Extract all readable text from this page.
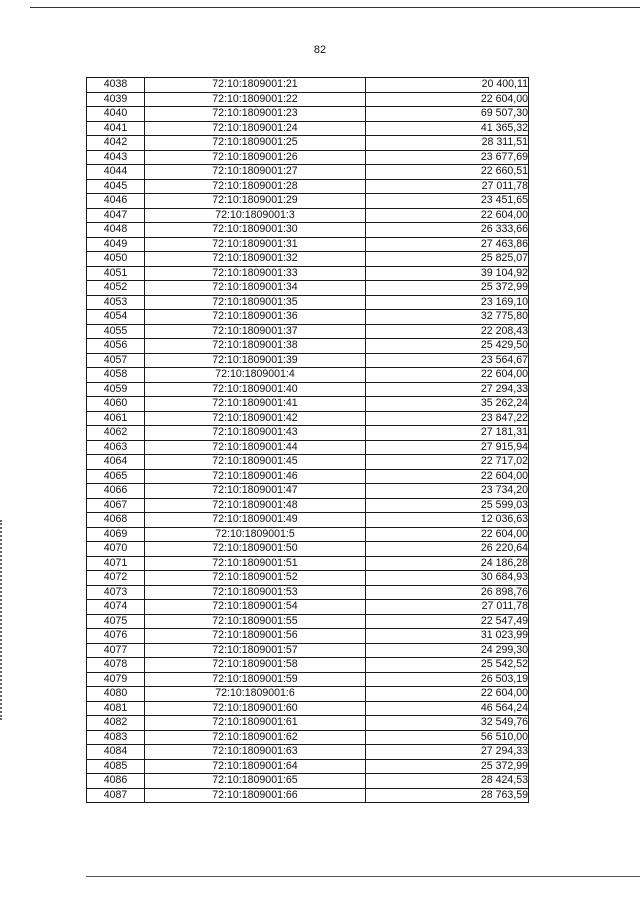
82
4038	72:10:1809001:21	20 400,11
4039	72:10:1809001:22	22 604,00
4040	72:10:1809001:23	69 507,30
4041	72:10:1809001:24	41 365,32
4042	72:10:1809001:25	28 311,51
4043	72:10:1809001:26	23 677,69
4044	72:10:1809001:27	22 660,51
4045	72:10:1809001:28	27 011,78
4046	72:10:1809001:29	23 451,65
4047	72:10:1809001:3	22 604,00
4048	72:10:1809001:30	26 333,66
4049	72:10:1809001:31	27 463,86
4050	72:10:1809001:32	25 825,07
4051	72:10:1809001:33	39 104,92
4052	72:10:1809001:34	25 372,99
4053	72:10:1809001:35	23 169,10
4054	72:10:1809001:36	32 775,80
4055	72:10:1809001:37	22 208,43
4056	72:10:1809001:38	25 429,50
4057	72:10:1809001:39	23 564,67
4058	72:10:1809001:4	22 604,00
4059	72:10:1809001:40	27 294,33
4060	72:10:1809001:41	35 262,24
4061	72:10:1809001:42	23 847,22
4062	72:10:1809001:43	27 181,31
4063	72:10:1809001:44	27 915,94
4064	72:10:1809001:45	22 717,02
4065	72:10:1809001:46	22 604,00
4066	72:10:1809001:47	23 734,20
4067	72:10:1809001:48	25 599,03
4068	72:10:1809001:49	12 036,63
4069	72:10:1809001:5	22 604,00
4070	72:10:1809001:50	26 220,64
4071	72:10:1809001:51	24 186,28
4072	72:10:1809001:52	30 684,93
4073	72:10:1809001:53	26 898,76
4074	72:10:1809001:54	27 011,78
4075	72:10:1809001:55	22 547,49
4076	72:10:1809001:56	31 023,99
4077	72:10:1809001:57	24 299,30
4078	72:10:1809001:58	25 542,52
4079	72:10:1809001:59	26 503,19
4080	72:10:1809001:6	22 604,00
4081	72:10:1809001:60	46 564,24
4082	72:10:1809001:61	32 549,76
4083	72:10:1809001:62	56 510,00
4084	72:10:1809001:63	27 294,33
4085	72:10:1809001:64	25 372,99
4086	72:10:1809001:65	28 424,53
4087	72:10:1809001:66	28 763,59
